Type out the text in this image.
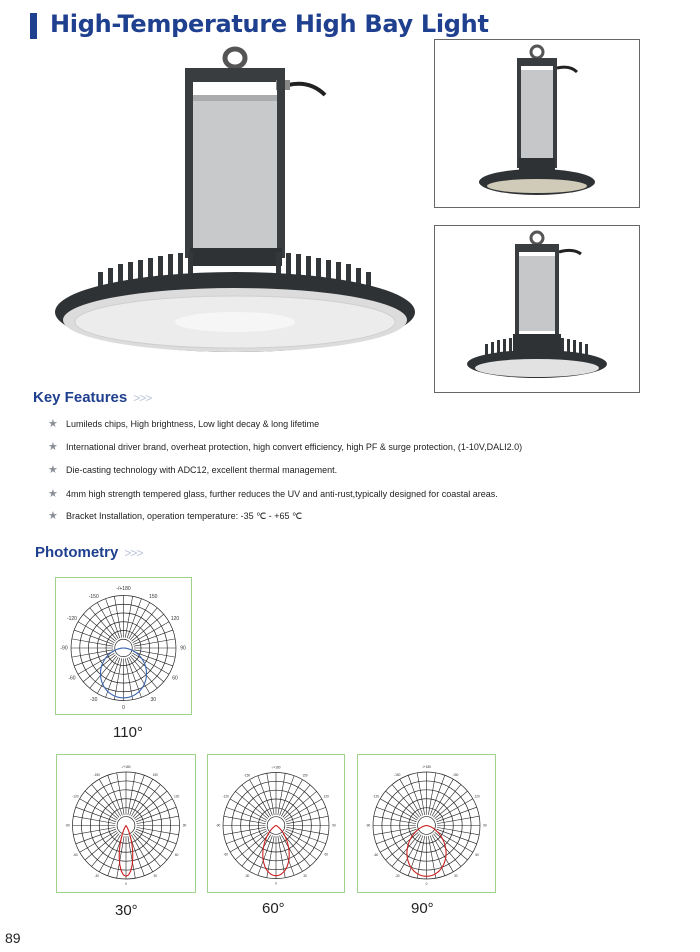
High-Temperature High Bay Light
Key Features >>>
★ Lumileds chips, High brightness, Low light decay & long lifetime
★ International driver brand, overheat protection, high convert efficiency, high PF & surge protection, (1-10V,DALI2.0)
★ Die-casting technology with ADC12, excellent thermal management.
★ 4mm high strength tempered glass, further reduces the UV and anti-rust,typically designed for coastal areas.
★ Bracket Installation, operation temperature: -35 ℃ - +65 ℃
Photometry >>>
-/+180
-150	150
-120	120
-90	90
-60	60
-30	30
0
110°
-/+180
-150	150
-120	120
-90	90
-60	60
-30	30
0
-/+180
-150	150
-120	120
-90	90
-60	60
-30	30
0
-/+180
-150	150
-120	120
-90	90
-60	60
-30	30
0
30°	60°	90°
89
